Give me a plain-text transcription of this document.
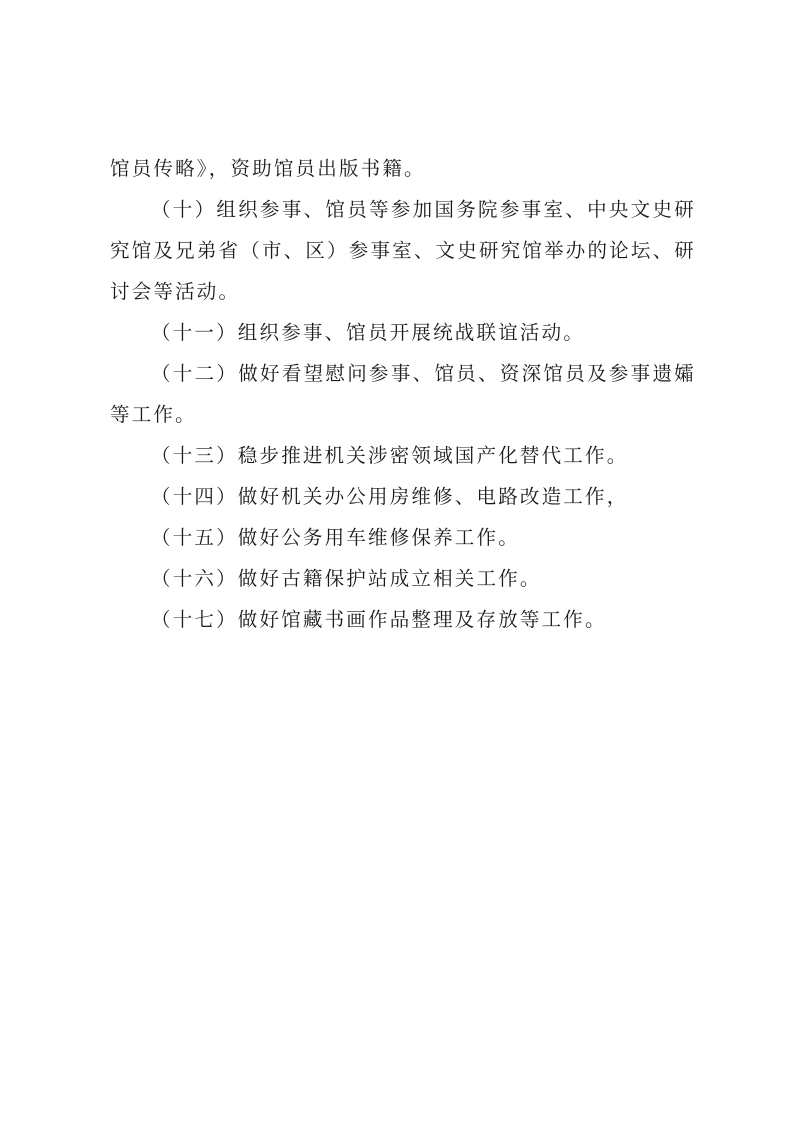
馆员传略》，资助馆员出版书籍。

（十）组织参事、馆员等参加国务院参事室、中央文史研究馆及兄弟省（市、区）参事室、文史研究馆举办的论坛、研讨会等活动。

（十一）组织参事、馆员开展统战联谊活动。

（十二）做好看望慰问参事、馆员、资深馆员及参事遗孀等工作。

（十三）稳步推进机关涉密领域国产化替代工作。

（十四）做好机关办公用房维修、电路改造工作，

（十五）做好公务用车维修保养工作。

（十六）做好古籍保护站成立相关工作。

（十七）做好馆藏书画作品整理及存放等工作。
